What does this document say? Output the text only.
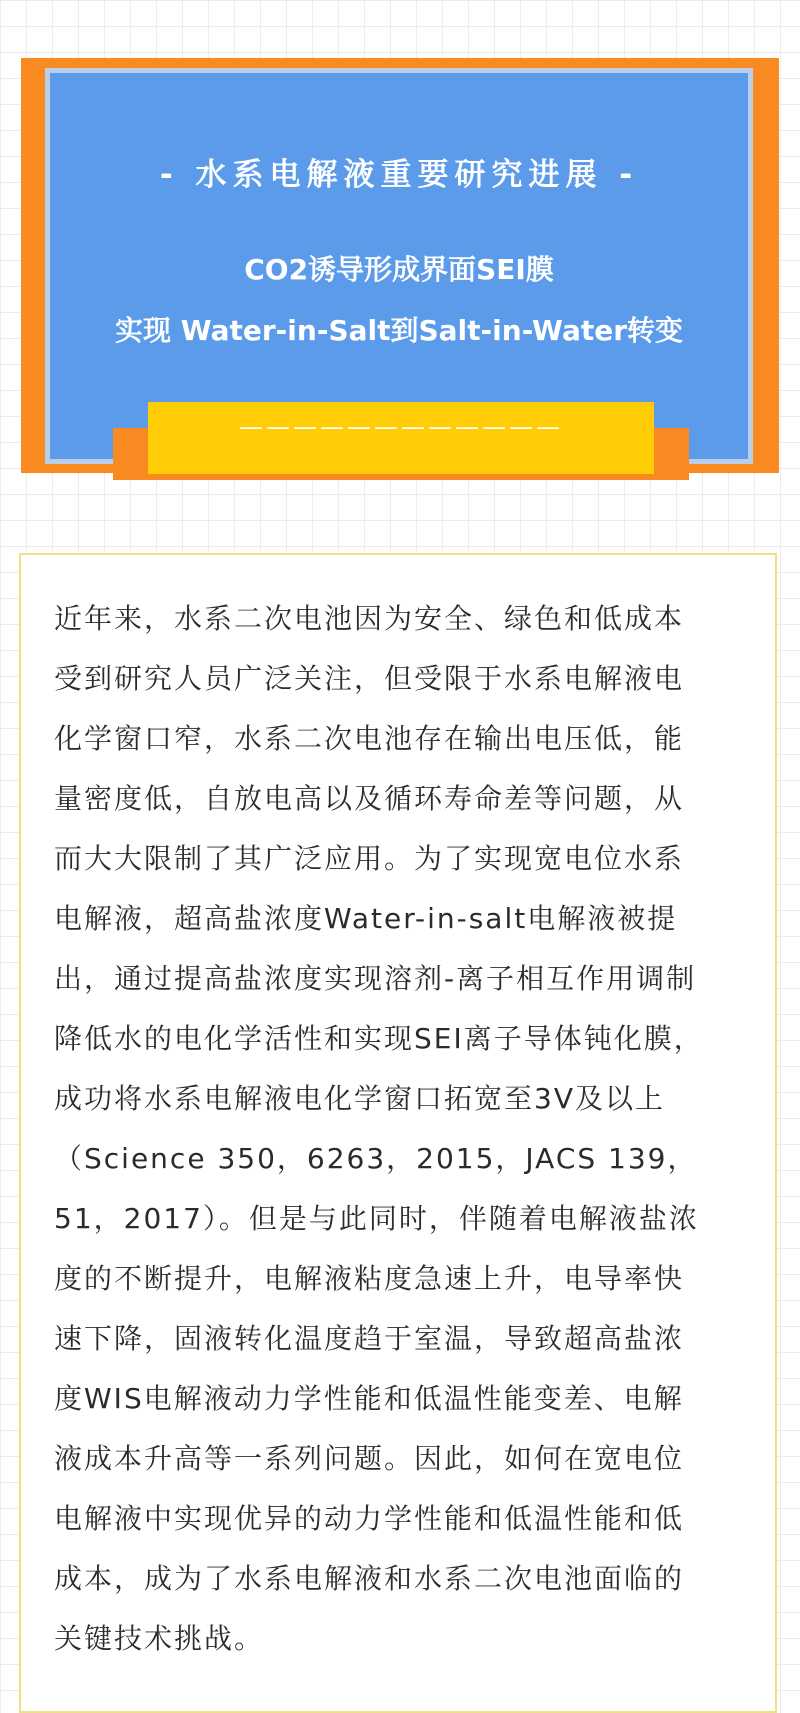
- 水系电解液重要研究进展 -
CO2诱导形成界面SEI膜
实现 Water-in-Salt到Salt-in-Water转变
————————————
近年来，水系二次电池因为安全、绿色和低成本
受到研究人员广泛关注，但受限于水系电解液电
化学窗口窄，水系二次电池存在输出电压低，能
量密度低，自放电高以及循环寿命差等问题，从
而大大限制了其广泛应用。为了实现宽电位水系
电解液，超高盐浓度Water-in-salt电解液被提
出，通过提高盐浓度实现溶剂-离子相互作用调制
降低水的电化学活性和实现SEI离子导体钝化膜，
成功将水系电解液电化学窗口拓宽至3V及以上
（Science 350，6263，2015，JACS 139，
51，2017）。但是与此同时，伴随着电解液盐浓
度的不断提升，电解液粘度急速上升，电导率快
速下降，固液转化温度趋于室温，导致超高盐浓
度WIS电解液动力学性能和低温性能变差、电解
液成本升高等一系列问题。因此，如何在宽电位
电解液中实现优异的动力学性能和低温性能和低
成本，成为了水系电解液和水系二次电池面临的
关键技术挑战。
